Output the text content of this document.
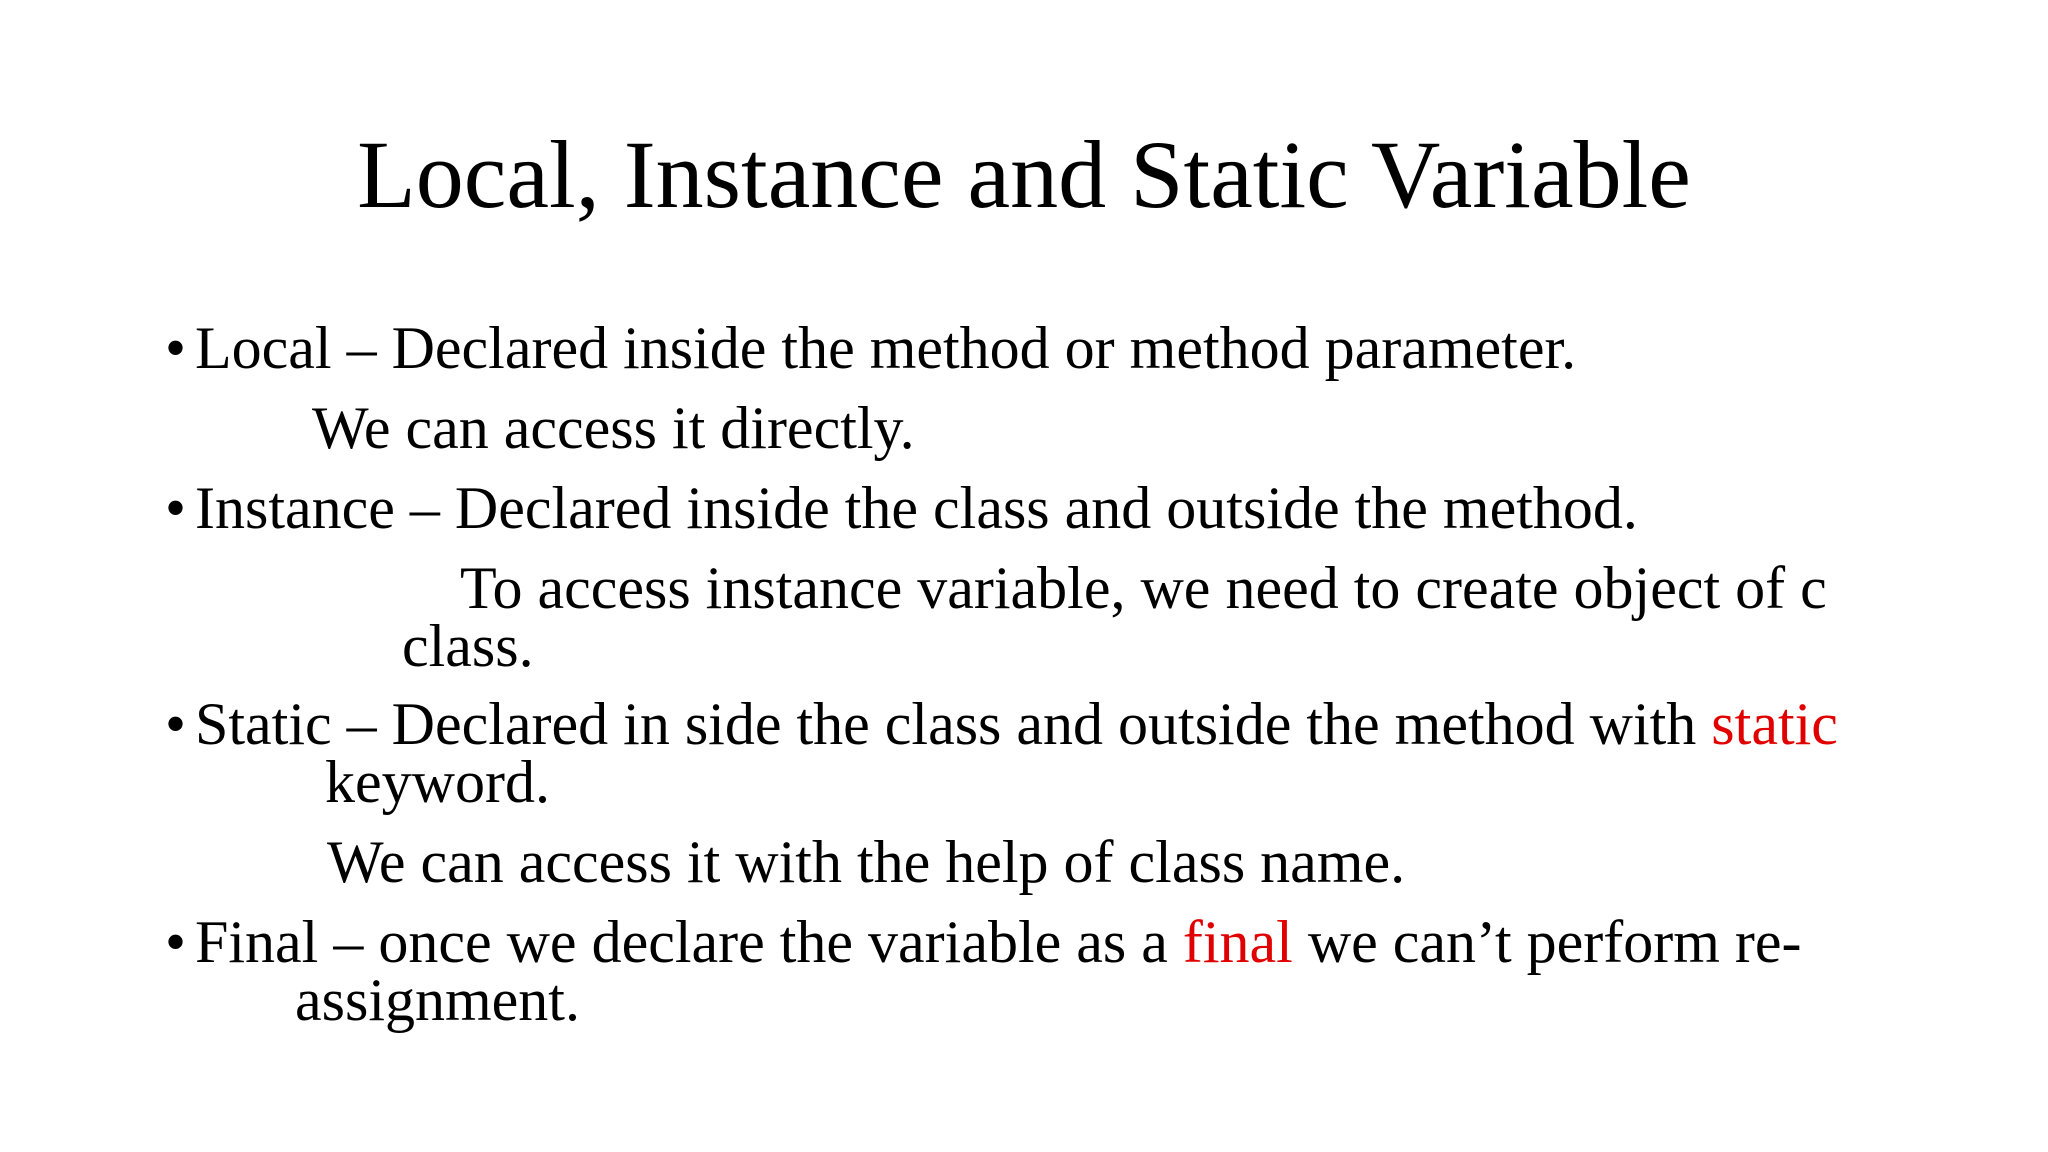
Local, Instance and Static Variable
• Local – Declared inside the method or method parameter.
We can access it directly.
• Instance – Declared inside the class and outside the method.
To access instance variable, we need to create object of c
class.
• Static – Declared in side the class and outside the method with static
keyword.
We can access it with the help of class name.
• Final – once we declare the variable as a final we can’t perform re-
assignment.
